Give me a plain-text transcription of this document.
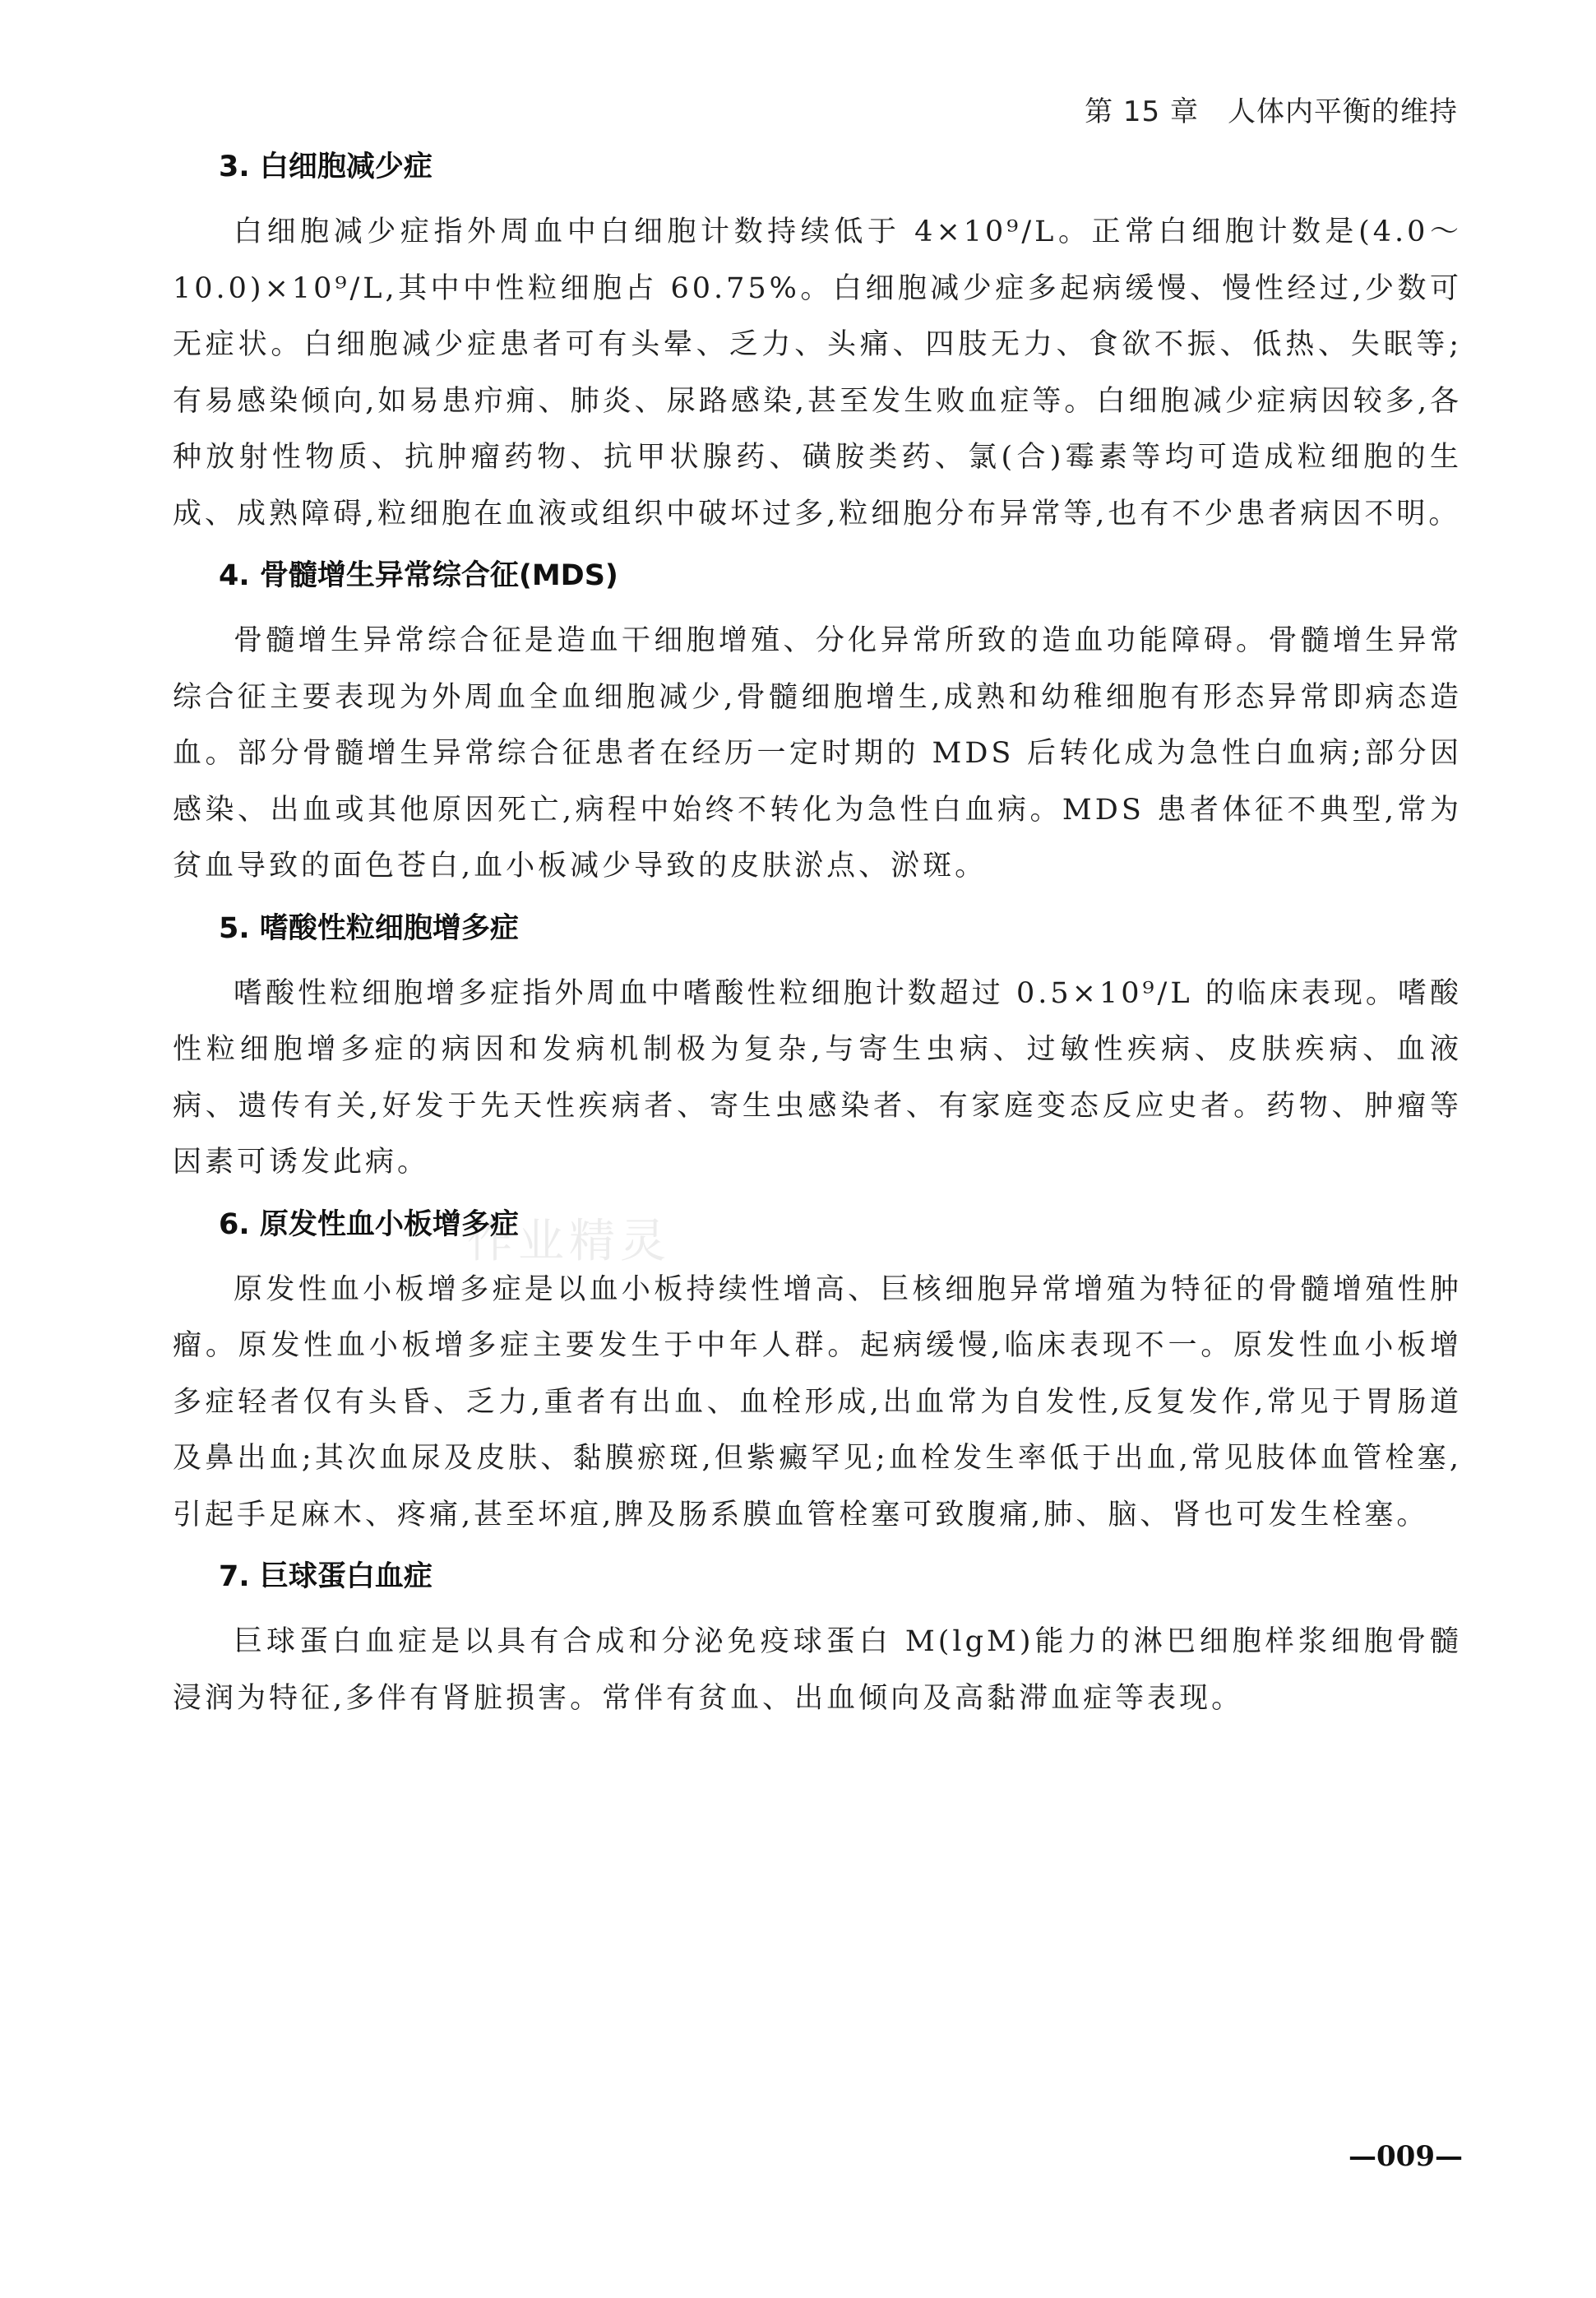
第 15 章　人体内平衡的维持
作业精灵
3. 白细胞减少症

白细胞减少症指外周血中白细胞计数持续低于 4×10⁹/L。正常白细胞计数是(4.0～10.0)×10⁹/L,其中中性粒细胞占 60.75%。白细胞减少症多起病缓慢、慢性经过,少数可无症状。白细胞减少症患者可有头晕、乏力、头痛、四肢无力、食欲不振、低热、失眠等;有易感染倾向,如易患疖痈、肺炎、尿路感染,甚至发生败血症等。白细胞减少症病因较多,各种放射性物质、抗肿瘤药物、抗甲状腺药、磺胺类药、氯(合)霉素等均可造成粒细胞的生成、成熟障碍,粒细胞在血液或组织中破坏过多,粒细胞分布异常等,也有不少患者病因不明。

4. 骨髓增生异常综合征(MDS)

骨髓增生异常综合征是造血干细胞增殖、分化异常所致的造血功能障碍。骨髓增生异常综合征主要表现为外周血全血细胞减少,骨髓细胞增生,成熟和幼稚细胞有形态异常即病态造血。部分骨髓增生异常综合征患者在经历一定时期的 MDS 后转化成为急性白血病;部分因感染、出血或其他原因死亡,病程中始终不转化为急性白血病。MDS 患者体征不典型,常为贫血导致的面色苍白,血小板减少导致的皮肤淤点、淤斑。

5. 嗜酸性粒细胞增多症

嗜酸性粒细胞增多症指外周血中嗜酸性粒细胞计数超过 0.5×10⁹/L 的临床表现。嗜酸性粒细胞增多症的病因和发病机制极为复杂,与寄生虫病、过敏性疾病、皮肤疾病、血液病、遗传有关,好发于先天性疾病者、寄生虫感染者、有家庭变态反应史者。药物、肿瘤等因素可诱发此病。

6. 原发性血小板增多症

原发性血小板增多症是以血小板持续性增高、巨核细胞异常增殖为特征的骨髓增殖性肿瘤。原发性血小板增多症主要发生于中年人群。起病缓慢,临床表现不一。原发性血小板增多症轻者仅有头昏、乏力,重者有出血、血栓形成,出血常为自发性,反复发作,常见于胃肠道及鼻出血;其次血尿及皮肤、黏膜瘀斑,但紫癜罕见;血栓发生率低于出血,常见肢体血管栓塞,引起手足麻木、疼痛,甚至坏疽,脾及肠系膜血管栓塞可致腹痛,肺、脑、肾也可发生栓塞。

7. 巨球蛋白血症

巨球蛋白血症是以具有合成和分泌免疫球蛋白 M(lgM)能力的淋巴细胞样浆细胞骨髓浸润为特征,多伴有肾脏损害。常伴有贫血、出血倾向及高黏滞血症等表现。

—009—
